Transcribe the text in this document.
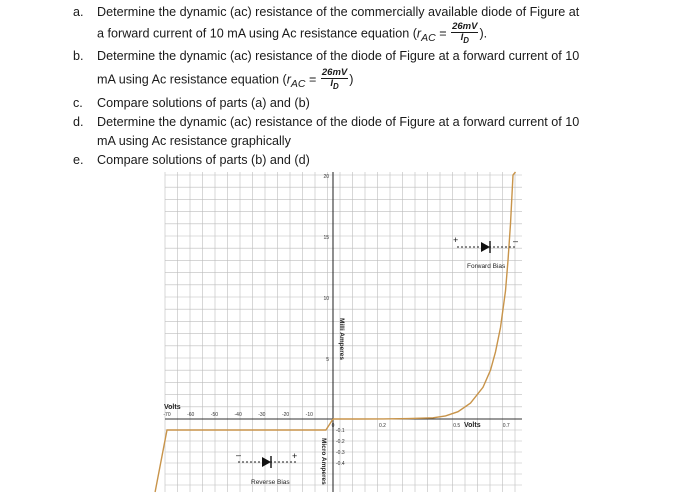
a. Determine the dynamic (ac) resistance of the commercially available diode of Figure at
a forward current of 10 mA using Ac resistance equation ($r_{AC} = \frac{26mV}{I_D}$ ).
b. Determine the dynamic (ac) resistance of the diode of Figure at a forward current of 10
mA using Ac resistance equation ($r_{AC} = \frac{26mV}{I_D}$ )
c. Compare solutions of parts (a) and (b)
d. Determine the dynamic (ac) resistance of the diode of Figure at a forward current of 10
mA using Ac resistance graphically
e. Compare solutions of parts (b) and (d)
20
15
10
5
-0.1
-0.2
-0.3
-0.4
-70	-60	-50	-40	-30	-20	-10
0	0.2	0.5	0.7
Milli Amperes
Micro Amperes
Volts
Volts
Forward Bias
Reverse Bias
+	–
–	+
